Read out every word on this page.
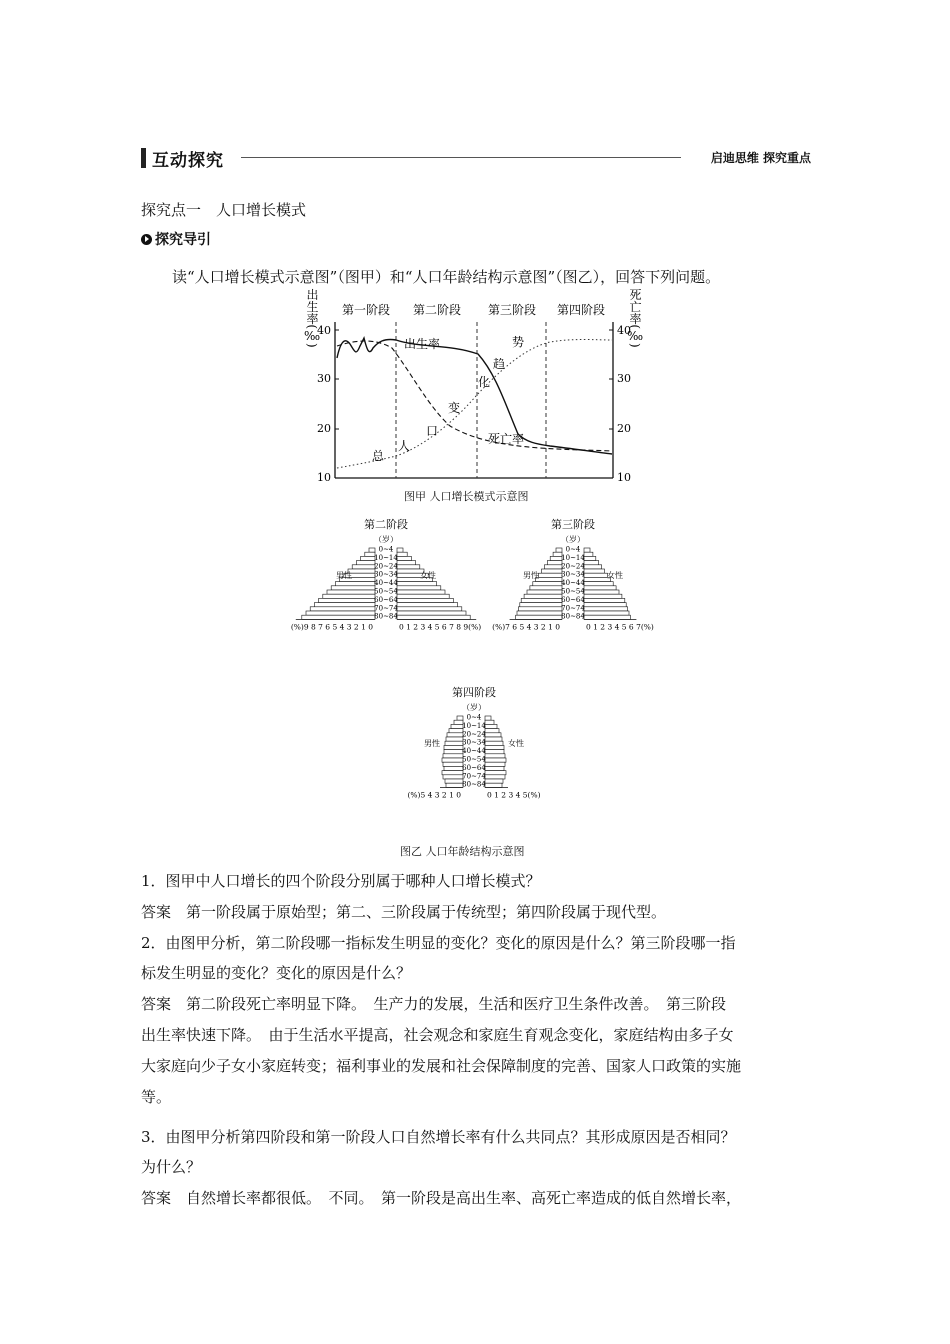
互动探究	启迪思维 探究重点
探究点一　人口增长模式
探究导引
读“人口增长模式示意图”（图甲）和“人口年龄结构示意图”（图乙），回答下列问题。
第一阶段 第二阶段 第三阶段 第四阶段
40
30
20
10
40
30
20
10
出生率(‰)	死亡率(‰)
出生率
死亡率
总
人
口
变
化
趋
势
图甲 人口增长模式示意图
第二阶段
（岁）
80~84
70~74
60~64
50~54
40~44
30~34
20~24
10~14
0~4
(%)9 8 7 6 5 4 3 2 1 0	0 1 2 3 4 5 6 7 8 9(%)
男性	女性
第三阶段
（岁）
80~84
70~74
60~64
50~54
40~44
30~34
20~24
10~14
0~4
(%)7 6 5 4 3 2 1 0	0 1 2 3 4 5 6 7(%)
男性	女性
第四阶段
（岁）
80~84
70~74
60~64
50~54
40~44
30~34
20~24
10~14
0~4
(%)5 4 3 2 1 0	0 1 2 3 4 5(%)
男性	女性
图乙 人口年龄结构示意图
1．图甲中人口增长的四个阶段分别属于哪种人口增长模式？
答案　第一阶段属于原始型；第二、三阶段属于传统型；第四阶段属于现代型。
2．由图甲分析，第二阶段哪一指标发生明显的变化？变化的原因是什么？第三阶段哪一指
标发生明显的变化？变化的原因是什么？
答案　第二阶段死亡率明显下降。　生产力的发展，生活和医疗卫生条件改善。　第三阶段
出生率快速下降。　由于生活水平提高，社会观念和家庭生育观念变化，家庭结构由多子女
大家庭向少子女小家庭转变；福利事业的发展和社会保障制度的完善、国家人口政策的实施
等。
3．由图甲分析第四阶段和第一阶段人口自然增长率有什么共同点？其形成原因是否相同？
为什么？
答案　自然增长率都很低。　不同。　第一阶段是高出生率、高死亡率造成的低自然增长率，
